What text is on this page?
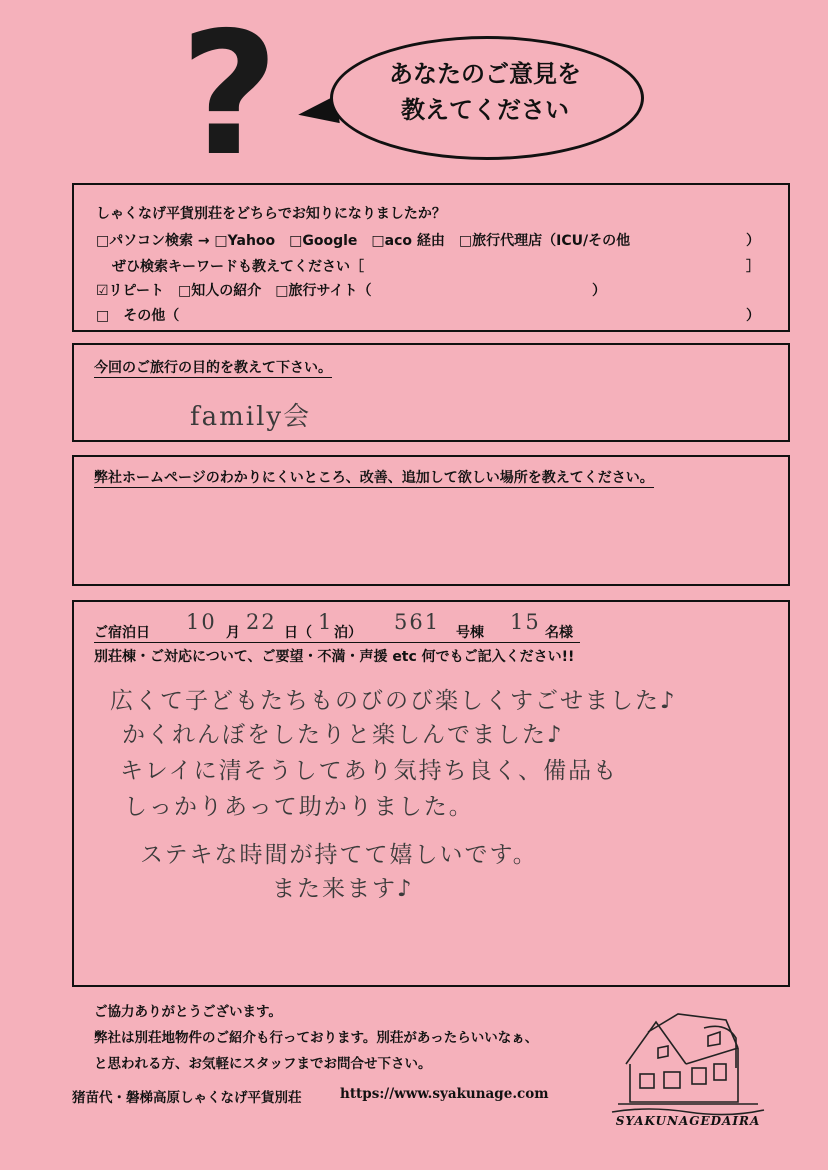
?	あなたのご意見を
教えてください
しゃくなげ平貨別荘をどちらでお知りになりましたか？
□パソコン検索 → □Yahoo　□Google　□aco 経由　□旅行代理店（ICU/その他	）
ぜひ検索キーワードも教えてください［	］
☑リピート　□知人の紹介　□旅行サイト（	）
□　その他（	）
今回のご旅行の目的を教えて下さい。
family会
弊社ホームページのわかりにくいところ、改善、追加して欲しい場所を教えてください。
ご宿泊日 10 月 22 日（ 1 泊） 561 号棟 15 名様
別荘棟・ご対応について、ご要望・不満・声援 etc 何でもご記入ください!!
広くて子どもたちものびのび楽しくすごせました♪
かくれんぼをしたりと楽しんでました♪
キレイに清そうしてあり気持ち良く、備品も
しっかりあって助かりました。
ステキな時間が持てて嬉しいです。
また来ます♪
ご協力ありがとうございます。
弊社は別荘地物件のご紹介も行っております。別荘があったらいいなぁ、
と思われる方、お気軽にスタッフまでお問合せ下さい。
猪苗代・磐梯高原しゃくなげ平貨別荘	https://www.syakunage.com
SYAKUNAGEDAIRA
